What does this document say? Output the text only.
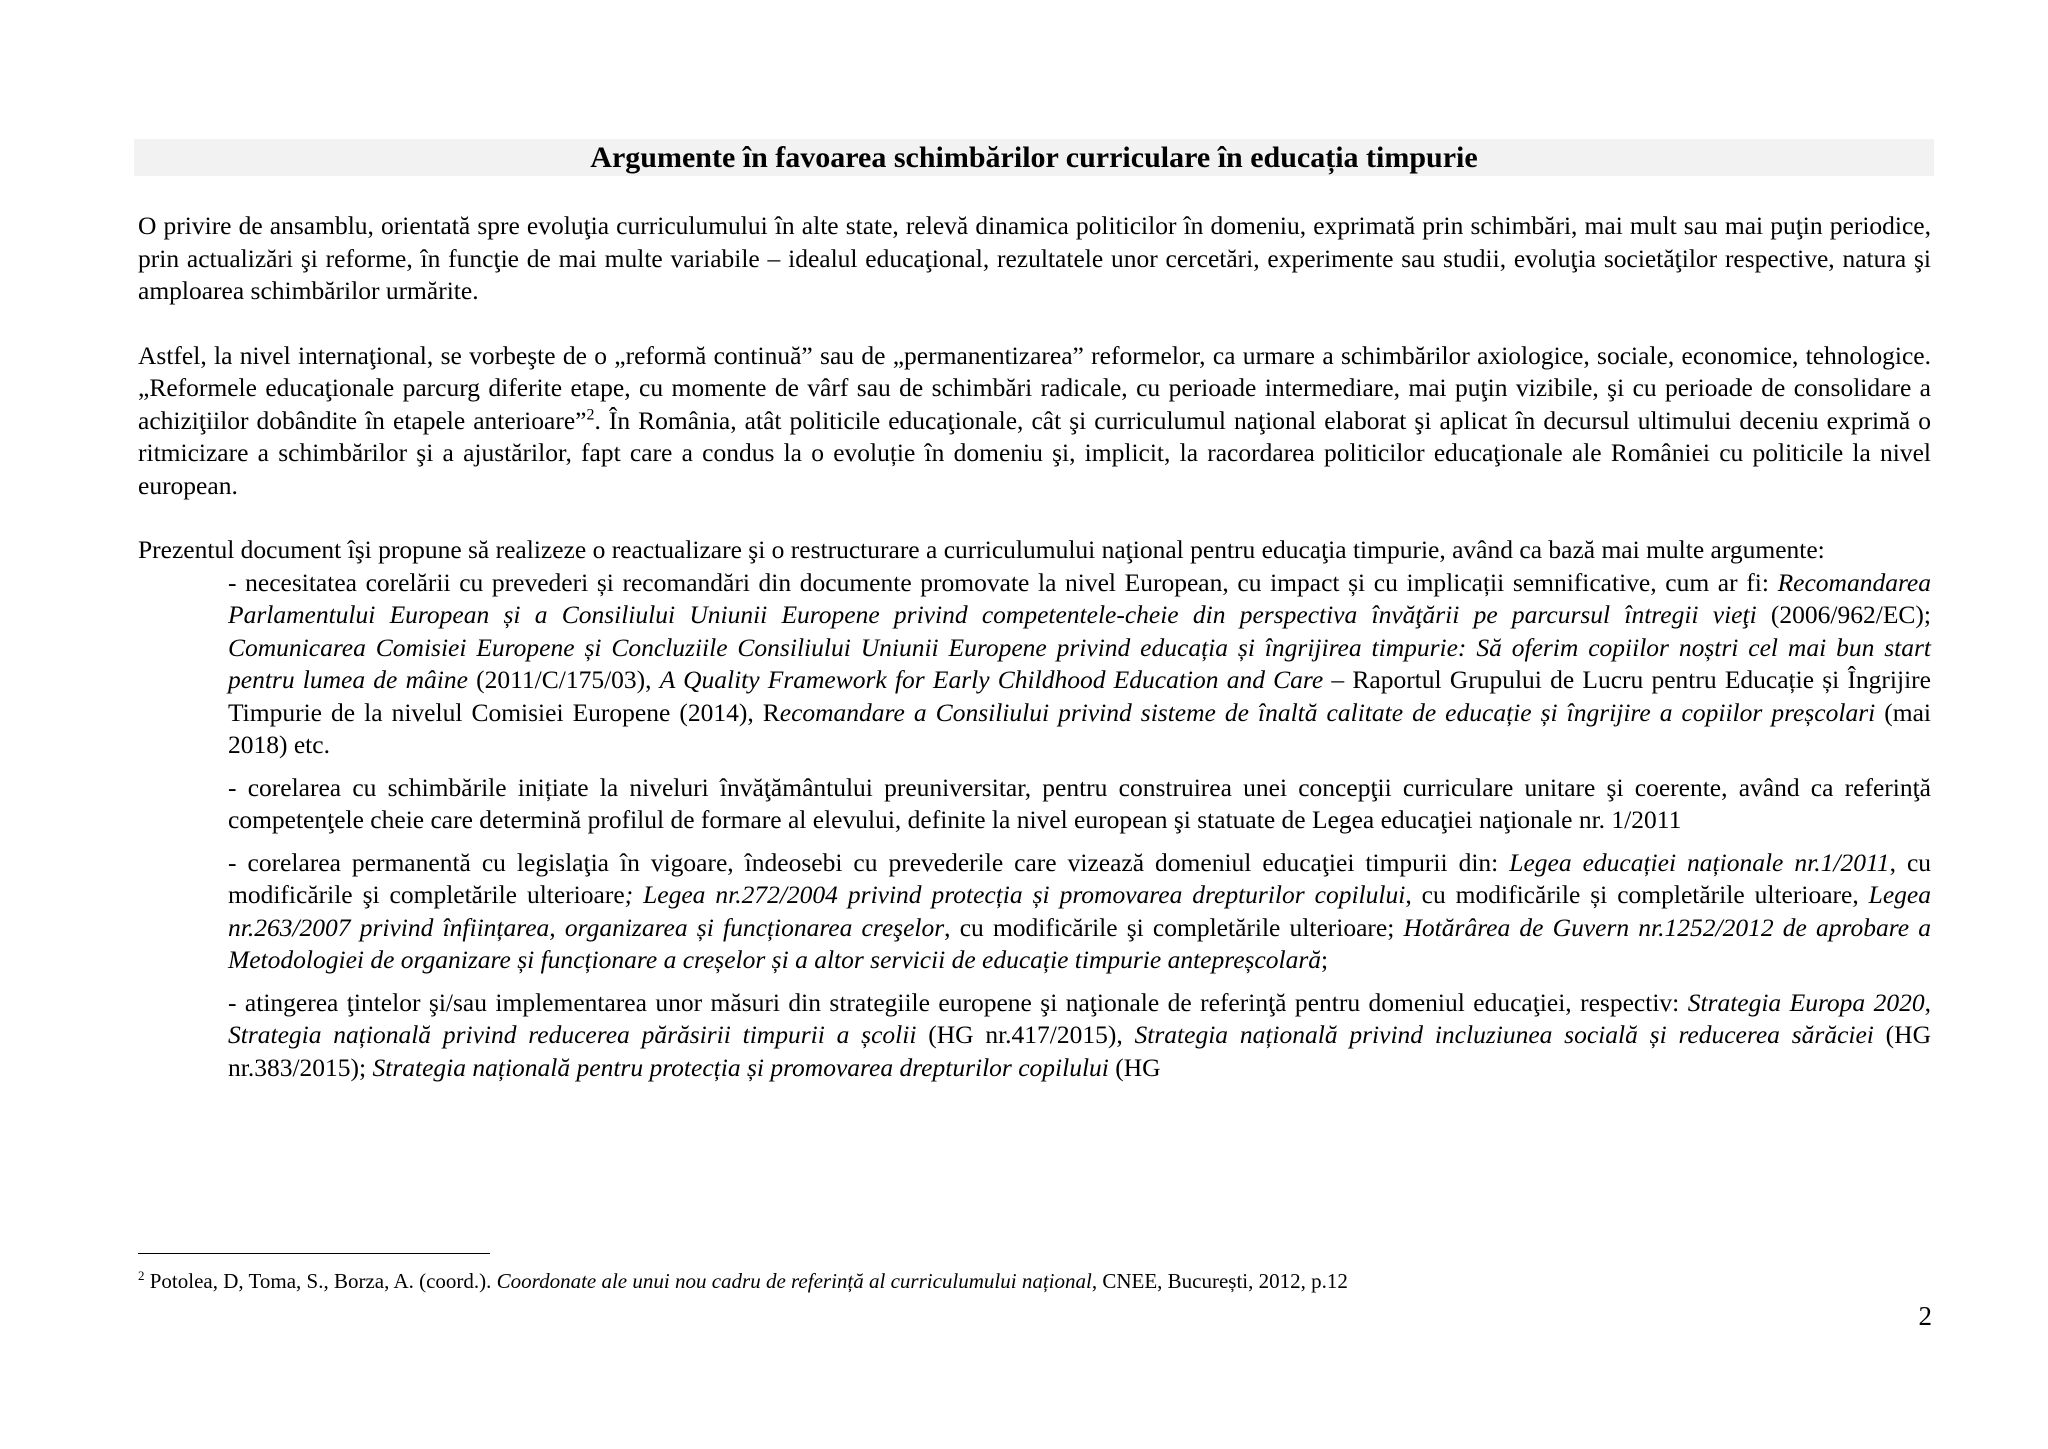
Argumente în favoarea schimbărilor curriculare în educația timpurie

O privire de ansamblu, orientată spre evoluţia curriculumului în alte state, relevă dinamica politicilor în domeniu, exprimată prin schimbări, mai mult sau mai puţin periodice, prin actualizări şi reforme, în funcţie de mai multe variabile – idealul educaţional, rezultatele unor cercetări, experimente sau studii, evoluţia societăţilor respective, natura şi amploarea schimbărilor urmărite.

Astfel, la nivel internaţional, se vorbeşte de o „reformă continuă” sau de „permanentizarea” reformelor, ca urmare a schimbărilor axiologice, sociale, economice, tehnologice. „Reformele educaţionale parcurg diferite etape, cu momente de vârf sau de schimbări radicale, cu perioade intermediare, mai puţin vizibile, şi cu perioade de consolidare a achiziţiilor dobândite în etapele anterioare”$^2$. În România, atât politicile educaţionale, cât şi curriculumul naţional elaborat şi aplicat în decursul ultimului deceniu exprimă o ritmicizare a schimbărilor şi a ajustărilor, fapt care a condus la o evoluție în domeniu şi, implicit, la racordarea politicilor educaţionale ale României cu politicile la nivel european.

Prezentul document îşi propune să realizeze o reactualizare şi o restructurare a curriculumului naţional pentru educaţia timpurie, având ca bază mai multe argumente:

- necesitatea corelării cu prevederi și recomandări din documente promovate la nivel European, cu impact și cu implicații semnificative, cum ar fi: Recomandarea Parlamentului European și a Consiliului Uniunii Europene privind competentele-cheie din perspectiva învăţării pe parcursul întregii vieţi (2006/962/EC); Comunicarea Comisiei Europene și Concluziile Consiliului Uniunii Europene privind educația și îngrijirea timpurie: Să oferim copiilor noștri cel mai bun start pentru lumea de mâine (2011/C/175/03), A Quality Framework for Early Childhood Education and Care – Raportul Grupului de Lucru pentru Educație și Îngrijire Timpurie de la nivelul Comisiei Europene (2014), Recomandare a Consiliului privind sisteme de înaltă calitate de educație și îngrijire a copiilor preșcolari (mai 2018) etc.
- corelarea cu schimbările inițiate la niveluri învăţământului preuniversitar, pentru construirea unei concepţii curriculare unitare şi coerente, având ca referinţă competenţele cheie care determină profilul de formare al elevului, definite la nivel european şi statuate de Legea educaţiei naţionale nr. 1/2011
- corelarea permanentă cu legislaţia în vigoare, îndeosebi cu prevederile care vizează domeniul educaţiei timpurii din: Legea educației naționale nr.1/2011, cu modificările şi completările ulterioare; Legea nr.272/2004 privind protecția și promovarea drepturilor copilului, cu modificările și completările ulterioare, Legea nr.263/2007 privind înființarea, organizarea și funcționarea creşelor, cu modificările şi completările ulterioare; Hotărârea de Guvern nr.1252/2012 de aprobare a Metodologiei de organizare și funcționare a creșelor și a altor servicii de educație timpurie antepreșcolară;
- atingerea ţintelor şi/sau implementarea unor măsuri din strategiile europene şi naţionale de referinţă pentru domeniul educaţiei, respectiv: Strategia Europa 2020, Strategia națională privind reducerea părăsirii timpurii a școlii (HG nr.417/2015), Strategia națională privind incluziunea socială și reducerea sărăciei (HG nr.383/2015); Strategia națională pentru protecția și promovarea drepturilor copilului (HG
$^2$ Potolea, D, Toma, S., Borza, A. (coord.). Coordonate ale unui nou cadru de referință al curriculumului național, CNEE, București, 2012, p.12
2
